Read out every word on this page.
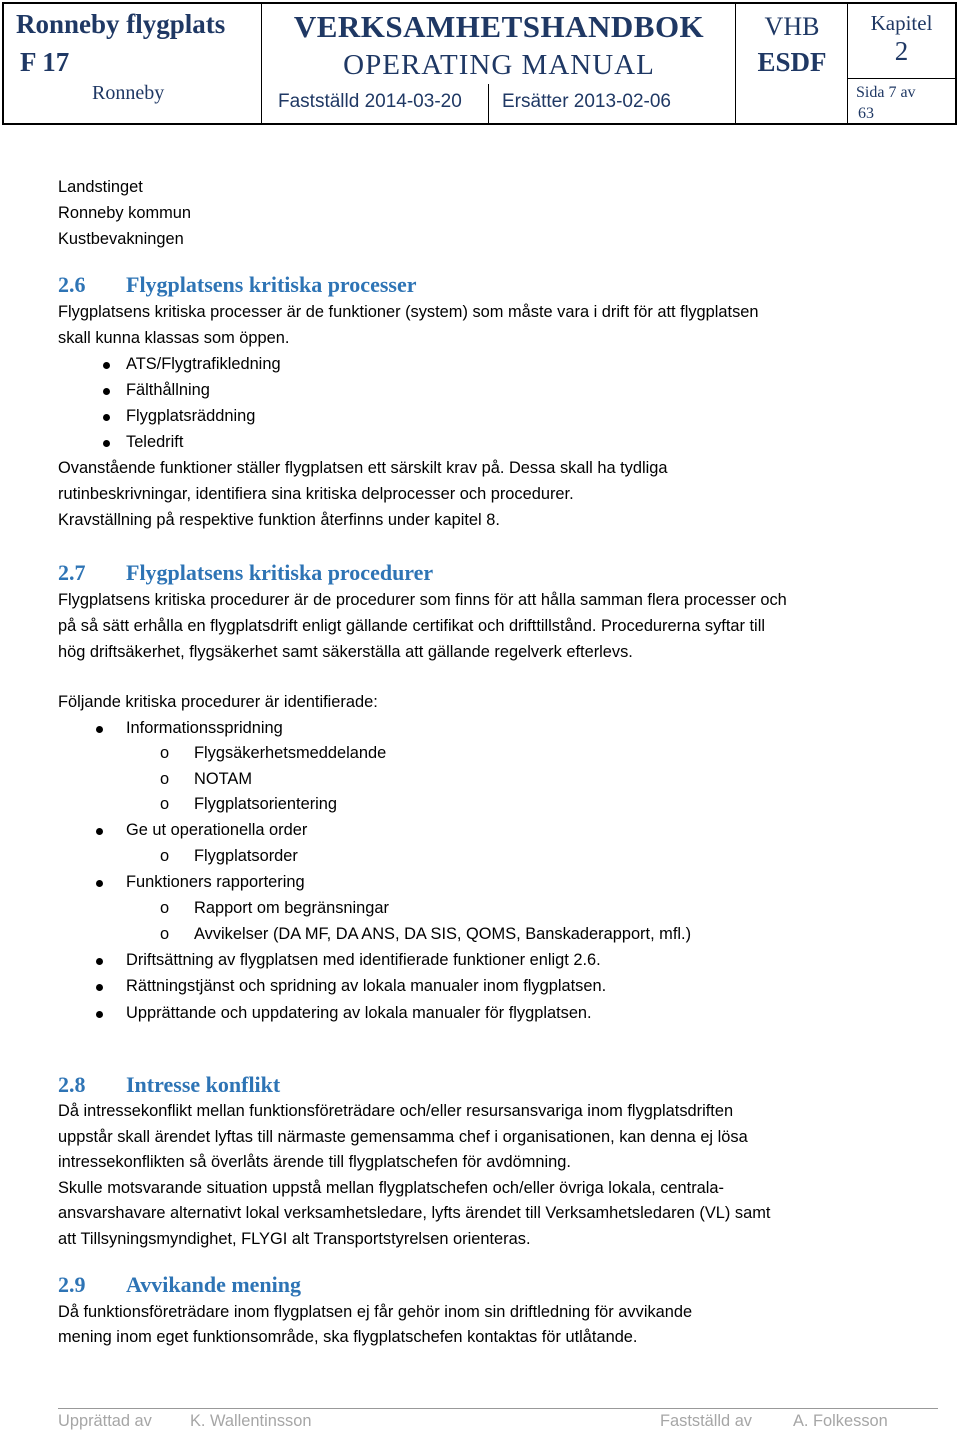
Ronneby flygplats
F 17
Ronneby
VERKSAMHETSHANDBOK
OPERATING MANUAL
Fastställd 2014-03-20 Ersätter 2013-02-06
VHB
ESDF
Kapitel
2
Sida 7 av
63
Landstinget
Ronneby kommun
Kustbevakningen
2.6 Flygplatsens kritiska processer
Flygplatsens kritiska processer är de funktioner (system) som måste vara i drift för att flygplatsen
skall kunna klassas som öppen.
ATS/Flygtrafikledning
Fälthållning
Flygplatsräddning
Teledrift
Ovanstående funktioner ställer flygplatsen ett särskilt krav på. Dessa skall ha tydliga
rutinbeskrivningar, identifiera sina kritiska delprocesser och procedurer.
Kravställning på respektive funktion återfinns under kapitel 8.
2.7 Flygplatsens kritiska procedurer
Flygplatsens kritiska procedurer är de procedurer som finns för att hålla samman flera processer och
på så sätt erhålla en flygplatsdrift enligt gällande certifikat och drifttillstånd. Procedurerna syftar till
hög driftsäkerhet, flygsäkerhet samt säkerställa att gällande regelverk efterlevs.
Följande kritiska procedurer är identifierade:
Informationsspridning
o Flygsäkerhetsmeddelande
o NOTAM
o Flygplatsorientering
Ge ut operationella order
o Flygplatsorder
Funktioners rapportering
o Rapport om begränsningar
o Avvikelser (DA MF, DA ANS, DA SIS, QOMS, Banskaderapport, mfl.)
Driftsättning av flygplatsen med identifierade funktioner enligt 2.6.
Rättningstjänst och spridning av lokala manualer inom flygplatsen.
Upprättande och uppdatering av lokala manualer för flygplatsen.
2.8 Intresse konflikt
Då intressekonflikt mellan funktionsföreträdare och/eller resursansvariga inom flygplatsdriften
uppstår skall ärendet lyftas till närmaste gemensamma chef i organisationen, kan denna ej lösa
intressekonflikten så överlåts ärende till flygplatschefen för avdömning.
Skulle motsvarande situation uppstå mellan flygplatschefen och/eller övriga lokala, centrala-
ansvarshavare alternativt lokal verksamhetsledare, lyfts ärendet till Verksamhetsledaren (VL) samt
att Tillsyningsmyndighet, FLYGI alt Transportstyrelsen orienteras.
2.9 Avvikande mening
Då funktionsföreträdare inom flygplatsen ej får gehör inom sin driftledning för avvikande
mening inom eget funktionsområde, ska flygplatschefen kontaktas för utlåtande.
Upprättad av K. Wallentinsson	Fastställd av A. Folkesson
